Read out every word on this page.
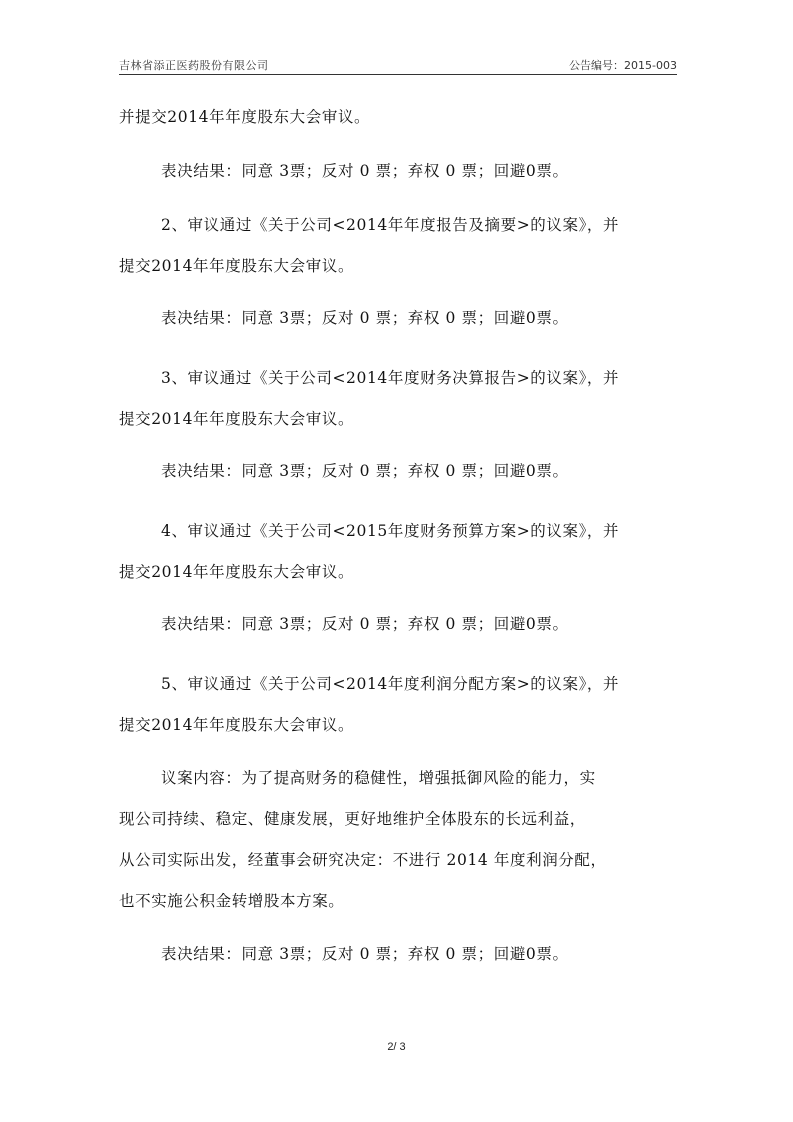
吉林省添正医药股份有限公司	公告编号：2015-003
并提交2014年年度股东大会审议。
表决结果：同意 3票；反对 0 票；弃权 0 票；回避0票。
2、审议通过《关于公司<2014年年度报告及摘要>的议案》，并
提交2014年年度股东大会审议。
表决结果：同意 3票；反对 0 票；弃权 0 票；回避0票。
3、审议通过《关于公司<2014年度财务决算报告>的议案》，并
提交2014年年度股东大会审议。
表决结果：同意 3票；反对 0 票；弃权 0 票；回避0票。
4、审议通过《关于公司<2015年度财务预算方案>的议案》，并
提交2014年年度股东大会审议。
表决结果：同意 3票；反对 0 票；弃权 0 票；回避0票。
5、审议通过《关于公司<2014年度利润分配方案>的议案》，并
提交2014年年度股东大会审议。
议案内容：为了提高财务的稳健性，增强抵御风险的能力，实
现公司持续、稳定、健康发展，更好地维护全体股东的长远利益，
从公司实际出发，经董事会研究决定：不进行 2014 年度利润分配，
也不实施公积金转增股本方案。
表决结果：同意 3票；反对 0 票；弃权 0 票；回避0票。
2/ 3
